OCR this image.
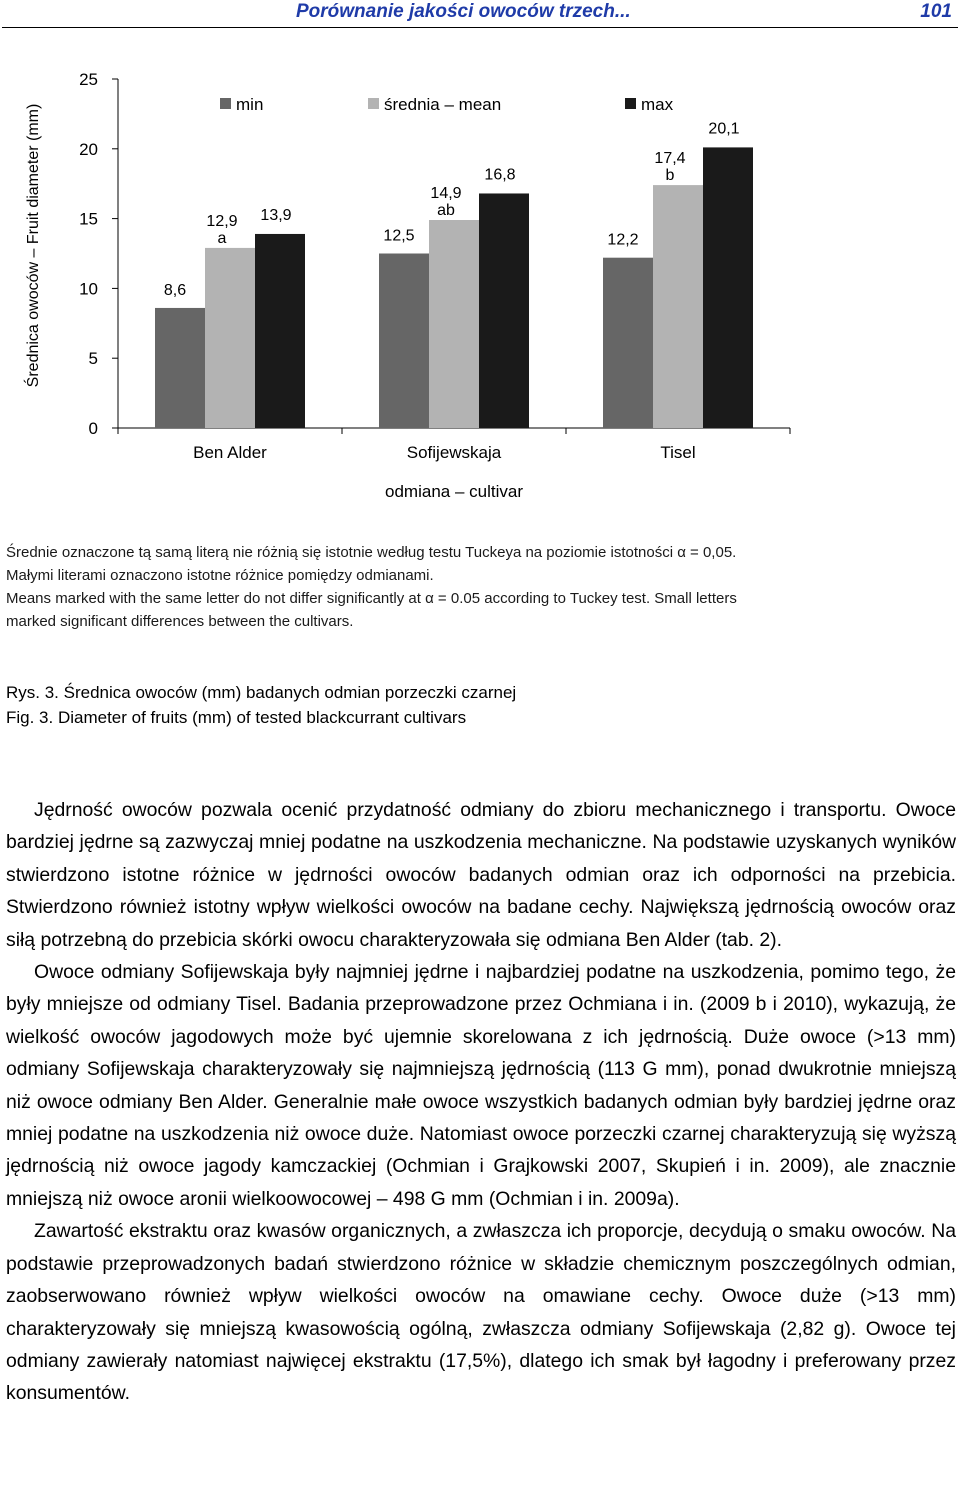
Porównanie jakości owoców trzech...	101
0
5
10
15
20
25
8,6
12,9
a
13,9
Ben Alder
12,5
14,9
ab
16,8
Sofijewskaja
12,2
17,4
b
20,1
Tisel
Średnica owoców – Fruit diameter (mm)
odmiana – cultivar
min	średnia – mean	max

Średnie oznaczone tą samą literą nie różnią się istotnie według testu Tuckeya na poziomie istotności α = 0,05.

Małymi literami oznaczono istotne różnice pomiędzy odmianami.

Means marked with the same letter do not differ significantly at α = 0.05 according to Tuckey test. Small letters

marked significant differences between the cultivars.

Rys. 3. Średnica owoców (mm) badanych odmian porzeczki czarnej

Fig. 3. Diameter of fruits (mm) of tested blackcurrant cultivars

Jędrność owoców pozwala ocenić przydatność odmiany do zbioru mechanicznego i transportu. Owoce bardziej jędrne są zazwyczaj mniej podatne na uszkodzenia mechaniczne. Na podstawie uzyskanych wyników stwierdzono istotne różnice w jędrności owoców badanych odmian oraz ich odporności na przebicia. Stwierdzono również istotny wpływ wielkości owoców na badane cechy. Największą jędrnością owoców oraz siłą potrzebną do przebicia skórki owocu charakteryzowała się odmiana Ben Alder (tab. 2).

Owoce odmiany Sofijewskaja były najmniej jędrne i najbardziej podatne na uszkodzenia, pomimo tego, że były mniejsze od odmiany Tisel. Badania przeprowadzone przez Ochmiana i in. (2009 b i 2010), wykazują, że wielkość owoców jagodowych może być ujemnie skorelowana z ich jędrnością. Duże owoce (>13 mm) odmiany Sofijewskaja charakteryzowały się najmniejszą jędrnością (113 G mm), ponad dwukrotnie mniejszą niż owoce odmiany Ben Alder. Generalnie małe owoce wszystkich badanych odmian były bardziej jędrne oraz mniej podatne na uszkodzenia niż owoce duże. Natomiast owoce porzeczki czarnej charakteryzują się wyższą jędrnością niż owoce jagody kamczackiej (Ochmian i Grajkowski 2007, Skupień i in. 2009), ale znacznie mniejszą niż owoce aronii wielkoowocowej – 498 G mm (Ochmian i in. 2009a).

Zawartość ekstraktu oraz kwasów organicznych, a zwłaszcza ich proporcje, decydują o smaku owoców. Na podstawie przeprowadzonych badań stwierdzono różnice w składzie chemicznym poszczególnych odmian, zaobserwowano również wpływ wielkości owoców na omawiane cechy. Owoce duże (>13 mm) charakteryzowały się mniejszą kwasowością ogólną, zwłaszcza odmiany Sofijewskaja (2,82 g). Owoce tej odmiany zawierały natomiast najwięcej ekstraktu (17,5%), dlatego ich smak był łagodny i preferowany przez konsumentów.
